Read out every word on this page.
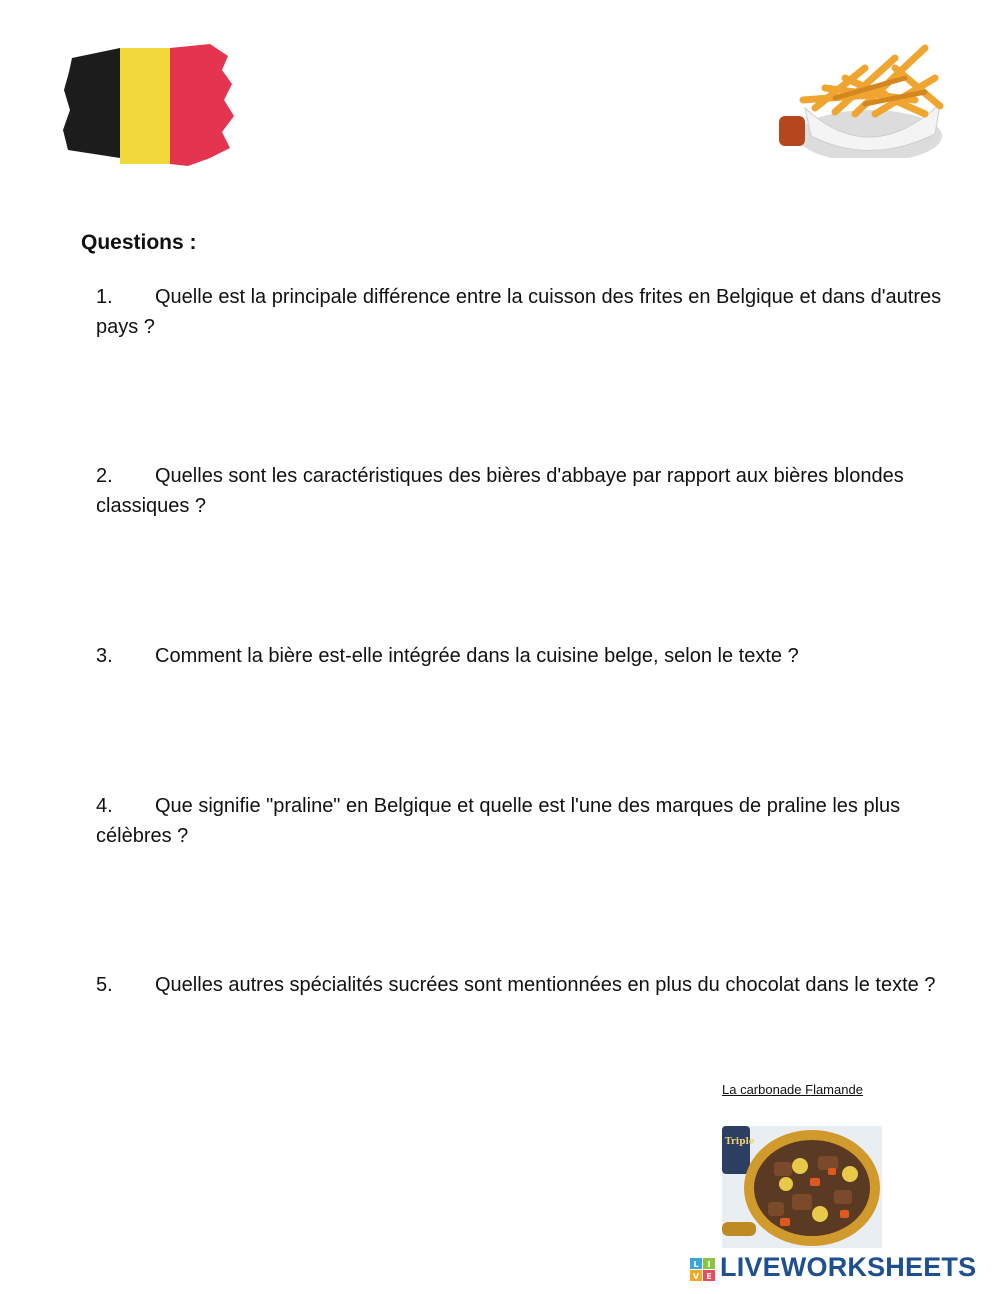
Questions :
1. Quelle est la principale différence entre la cuisson des frites en Belgique et dans d'autres pays ?
2. Quelles sont les caractéristiques des bières d'abbaye par rapport aux bières blondes classiques ?
3. Comment la bière est-elle intégrée dans la cuisine belge, selon le texte ?
4. Que signifie "praline" en Belgique et quelle est l'une des marques de praline les plus célèbres ?
5. Quelles autres spécialités sucrées sont mentionnées en plus du chocolat dans le texte ?
La carbonade Flamande
Triple
L I
V E LIVEWORKSHEETS
